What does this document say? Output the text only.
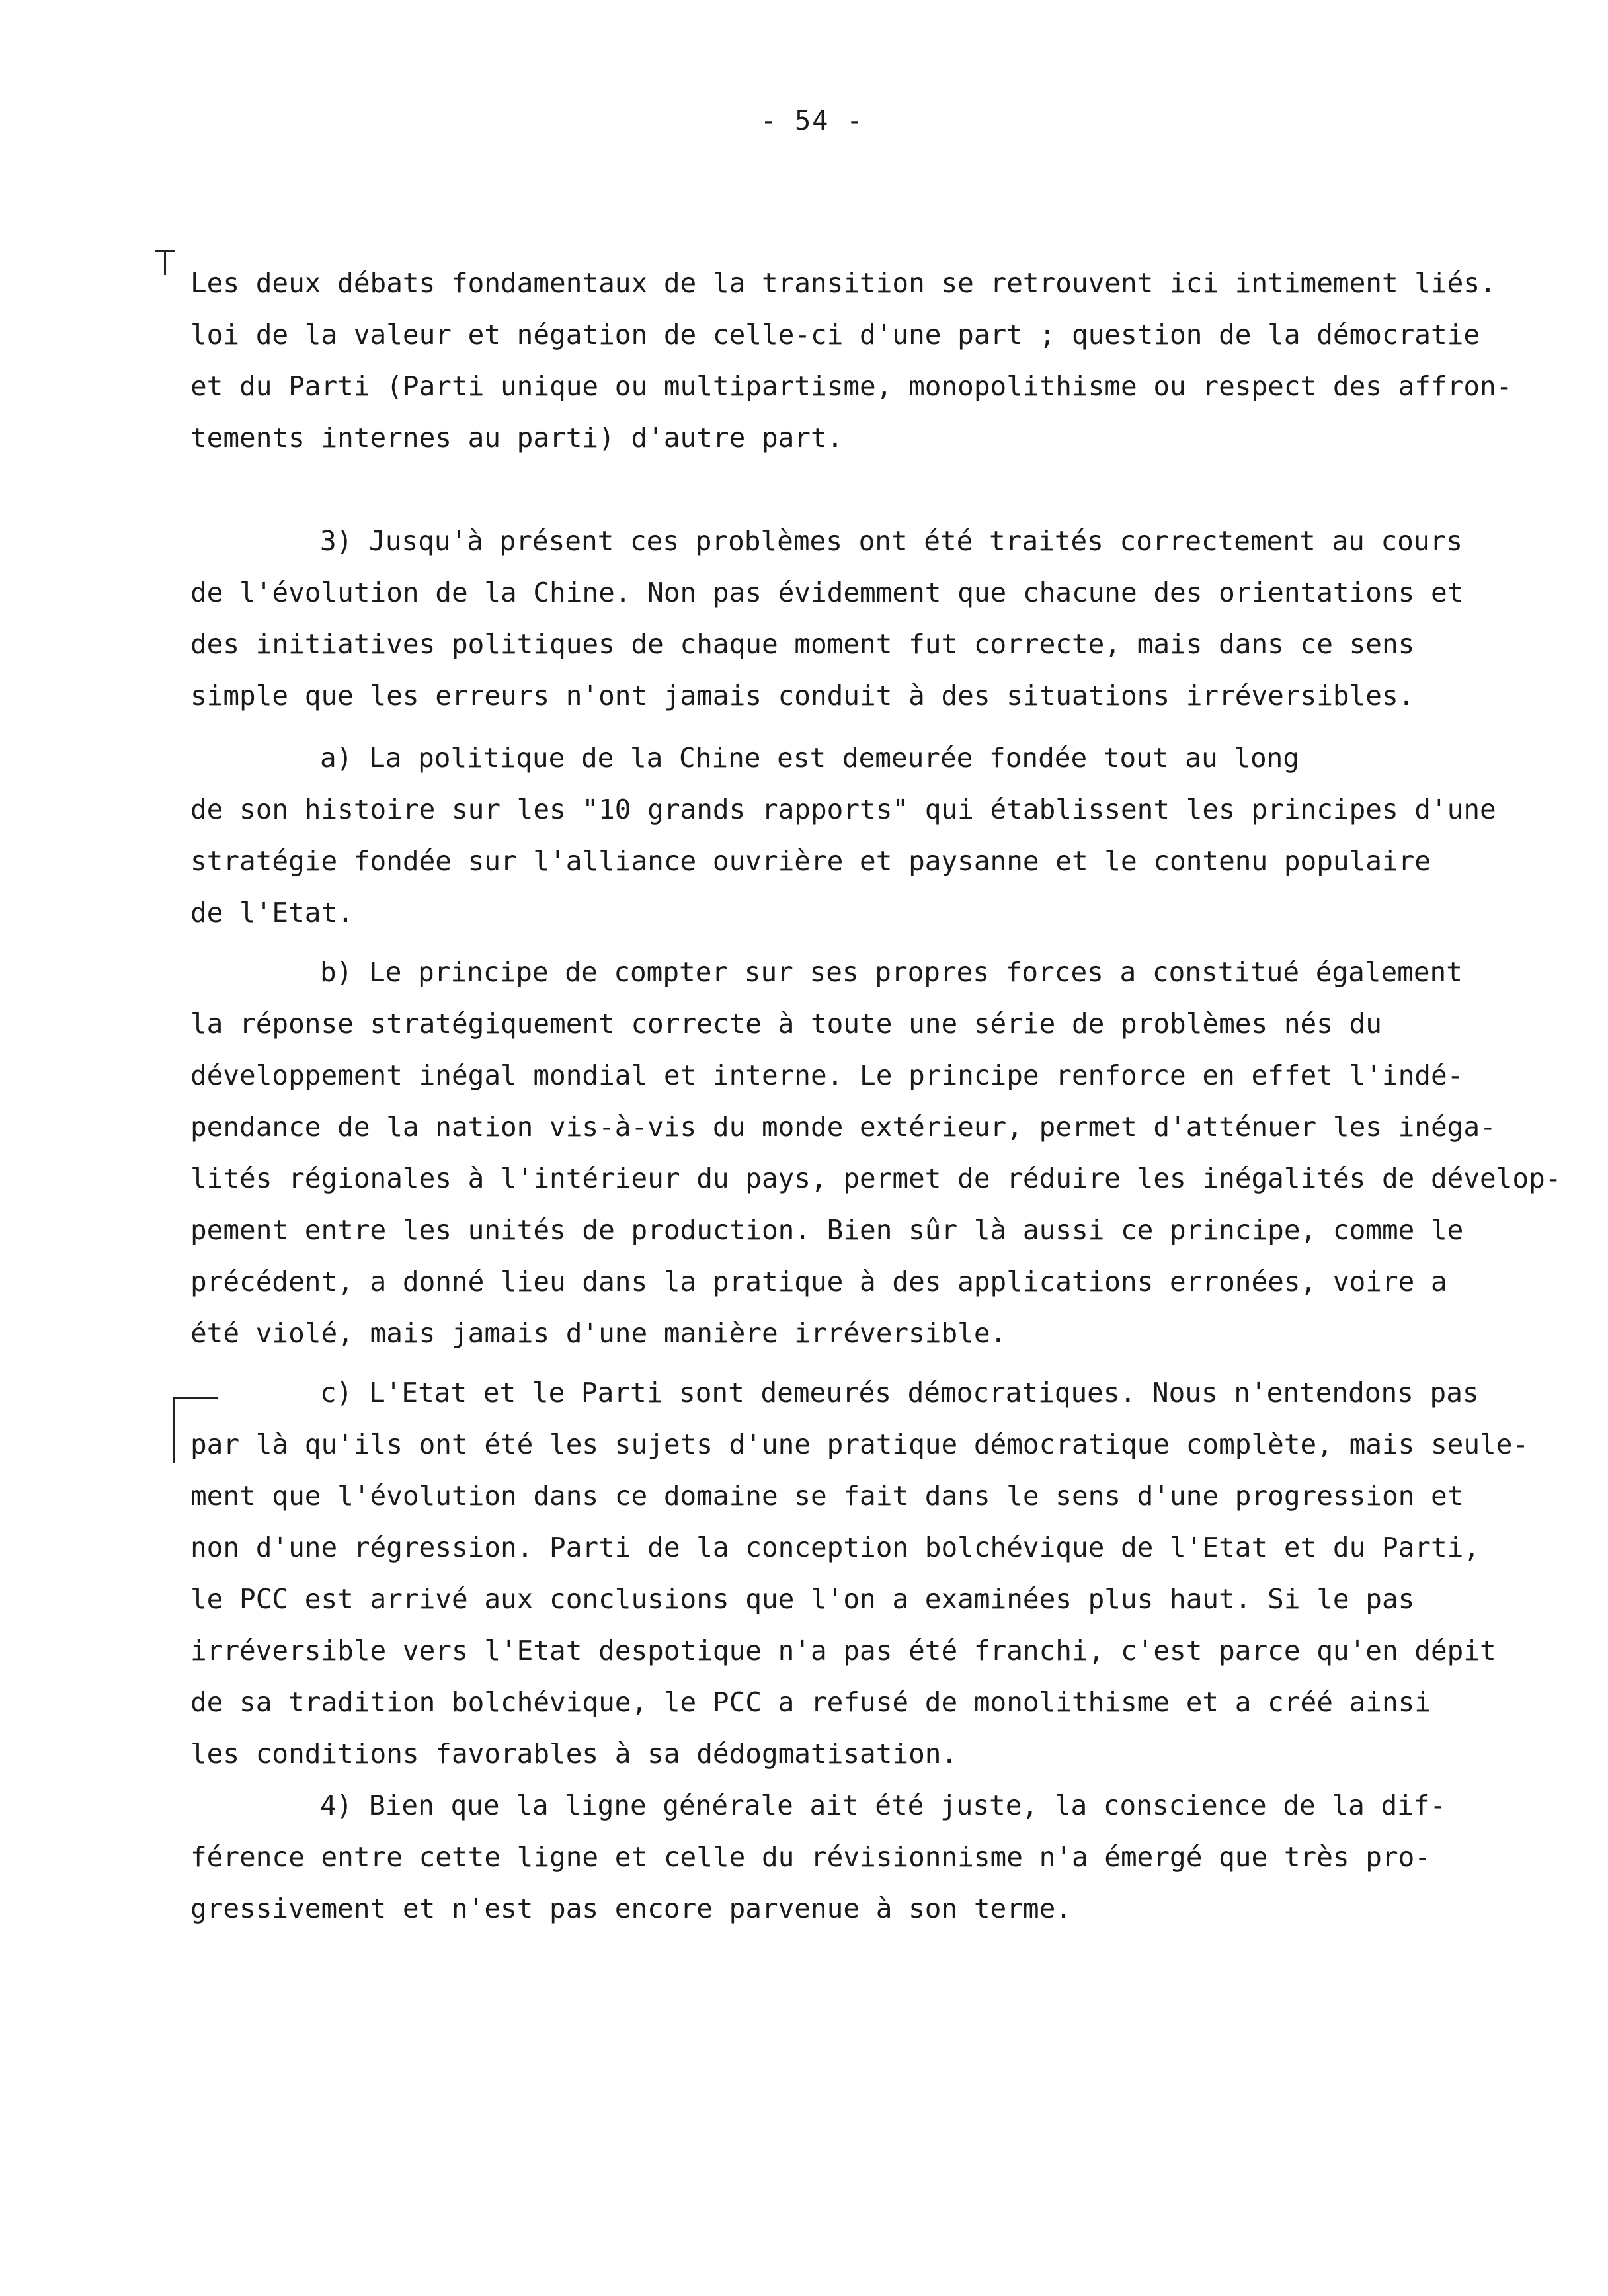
- 54 -
Les deux débats fondamentaux de la transition se retrouvent ici intimement liés.
loi de la valeur et négation de celle-ci d'une part ; question de la démocratie
et du Parti (Parti unique ou multipartisme, monopolithisme ou respect des affron-
tements internes au parti) d'autre part.
3) Jusqu'à présent ces problèmes ont été traités correctement au cours
de l'évolution de la Chine. Non pas évidemment que chacune des orientations et
des initiatives politiques de chaque moment fut correcte, mais dans ce sens
simple que les erreurs n'ont jamais conduit à des situations irréversibles.
a) La politique de la Chine est demeurée fondée tout au long
de son histoire sur les "10 grands rapports" qui établissent les principes d'une
stratégie fondée sur l'alliance ouvrière et paysanne et le contenu populaire
de l'Etat.
b) Le principe de compter sur ses propres forces a constitué également
la réponse stratégiquement correcte à toute une série de problèmes nés du
développement inégal mondial et interne. Le principe renforce en effet l'indé-
pendance de la nation vis-à-vis du monde extérieur, permet d'atténuer les inéga-
lités régionales à l'intérieur du pays, permet de réduire les inégalités de dévelop-
pement entre les unités de production. Bien sûr là aussi ce principe, comme le
précédent, a donné lieu dans la pratique à des applications erronées, voire a
été violé, mais jamais d'une manière irréversible.
c) L'Etat et le Parti sont demeurés démocratiques. Nous n'entendons pas
par là qu'ils ont été les sujets d'une pratique démocratique complète, mais seule-
ment que l'évolution dans ce domaine se fait dans le sens d'une progression et
non d'une régression. Parti de la conception bolchévique de l'Etat et du Parti,
le PCC est arrivé aux conclusions que l'on a examinées plus haut. Si le pas
irréversible vers l'Etat despotique n'a pas été franchi, c'est parce qu'en dépit
de sa tradition bolchévique, le PCC a refusé de monolithisme et a créé ainsi
les conditions favorables à sa dédogmatisation.
4) Bien que la ligne générale ait été juste, la conscience de la dif-
férence entre cette ligne et celle du révisionnisme n'a émergé que très pro-
gressivement et n'est pas encore parvenue à son terme.
